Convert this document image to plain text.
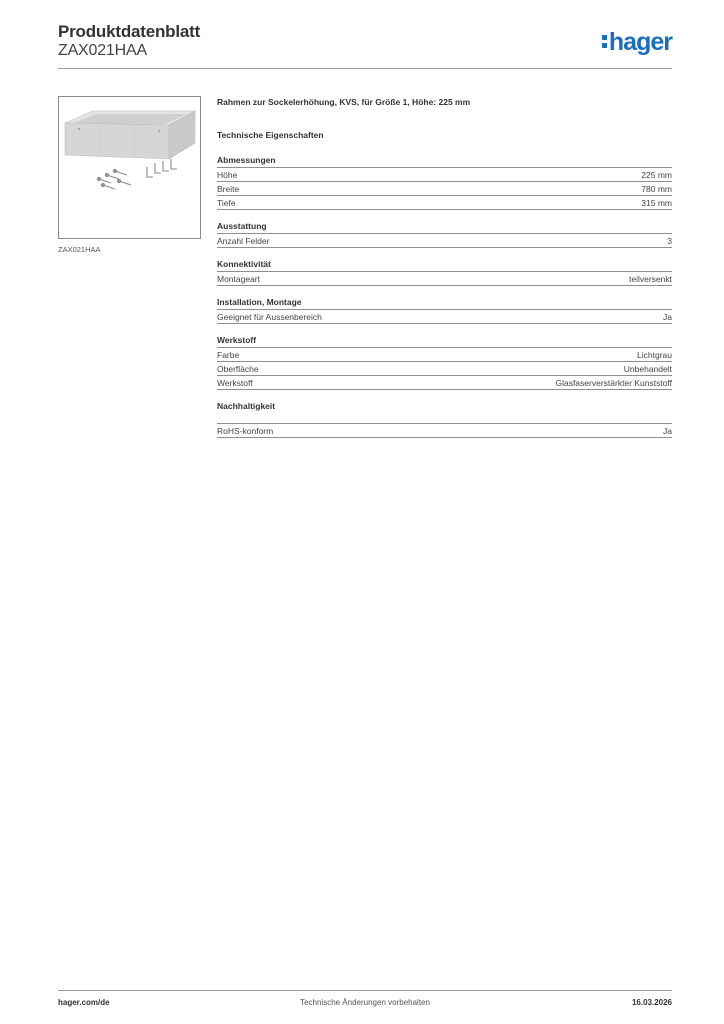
Produktdatenblatt
ZAX021HAA	hager
ZAX021HAA
Rahmen zur Sockelerhöhung, KVS, für Größe 1, Höhe: 225 mm
Technische Eigenschaften
Abmessungen
Höhe	225 mm
Breite	780 mm
Tiefe	315 mm
Ausstattung
Anzahl Felder	3
Konnektivität
Montageart	teilversenkt
Installation, Montage
Geeignet für Aussenbereich	Ja
Werkstoff
Farbe	Lichtgrau
Oberfläche	Unbehandelt
Werkstoff	Glasfaserverstärkter Kunststoff
Nachhaltigkeit
RoHS-konform	Ja
hager.com/de	Technische Änderungen vorbehalten	16.03.2026
